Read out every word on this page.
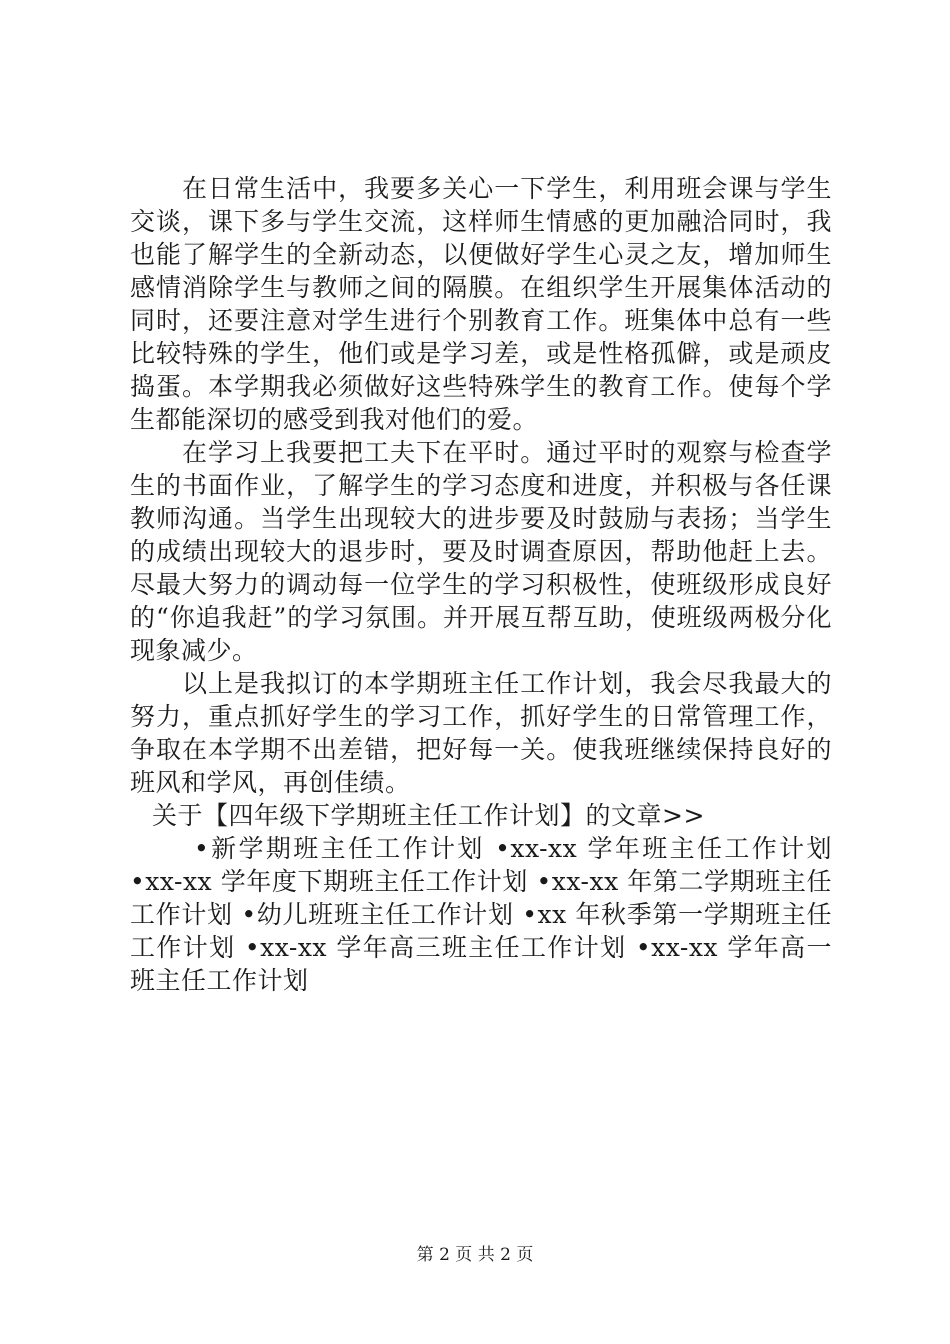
在日常生活中，我要多关心一下学生，利用班会课与学生交谈，课下多与学生交流，这样师生情感的更加融洽同时，我也能了解学生的全新动态，以便做好学生心灵之友，增加师生感情消除学生与教师之间的隔膜。在组织学生开展集体活动的同时，还要注意对学生进行个别教育工作。班集体中总有一些比较特殊的学生，他们或是学习差，或是性格孤僻，或是顽皮捣蛋。本学期我必须做好这些特殊学生的教育工作。使每个学生都能深切的感受到我对他们的爱。

在学习上我要把工夫下在平时。通过平时的观察与检查学生的书面作业，了解学生的学习态度和进度，并积极与各任课教师沟通。当学生出现较大的进步要及时鼓励与表扬；当学生的成绩出现较大的退步时，要及时调查原因，帮助他赶上去。尽最大努力的调动每一位学生的学习积极性，使班级形成良好的“你追我赶”的学习氛围。并开展互帮互助，使班级两极分化现象减少。

以上是我拟订的本学期班主任工作计划，我会尽我最大的努力，重点抓好学生的学习工作，抓好学生的日常管理工作，争取在本学期不出差错，把好每一关。使我班继续保持良好的班风和学风，再创佳绩。

关于【四年级下学期班主任工作计划】的文章>>

•新学期班主任工作计划 •xx-xx 学年班主任工作计划 •xx-xx 学年度下期班主任工作计划 •xx-xx 年第二学期班主任工作计划 •幼儿班班主任工作计划 •xx 年秋季第一学期班主任工作计划 •xx-xx 学年高三班主任工作计划 •xx-xx 学年高一班主任工作计划

第 2 页 共 2 页
